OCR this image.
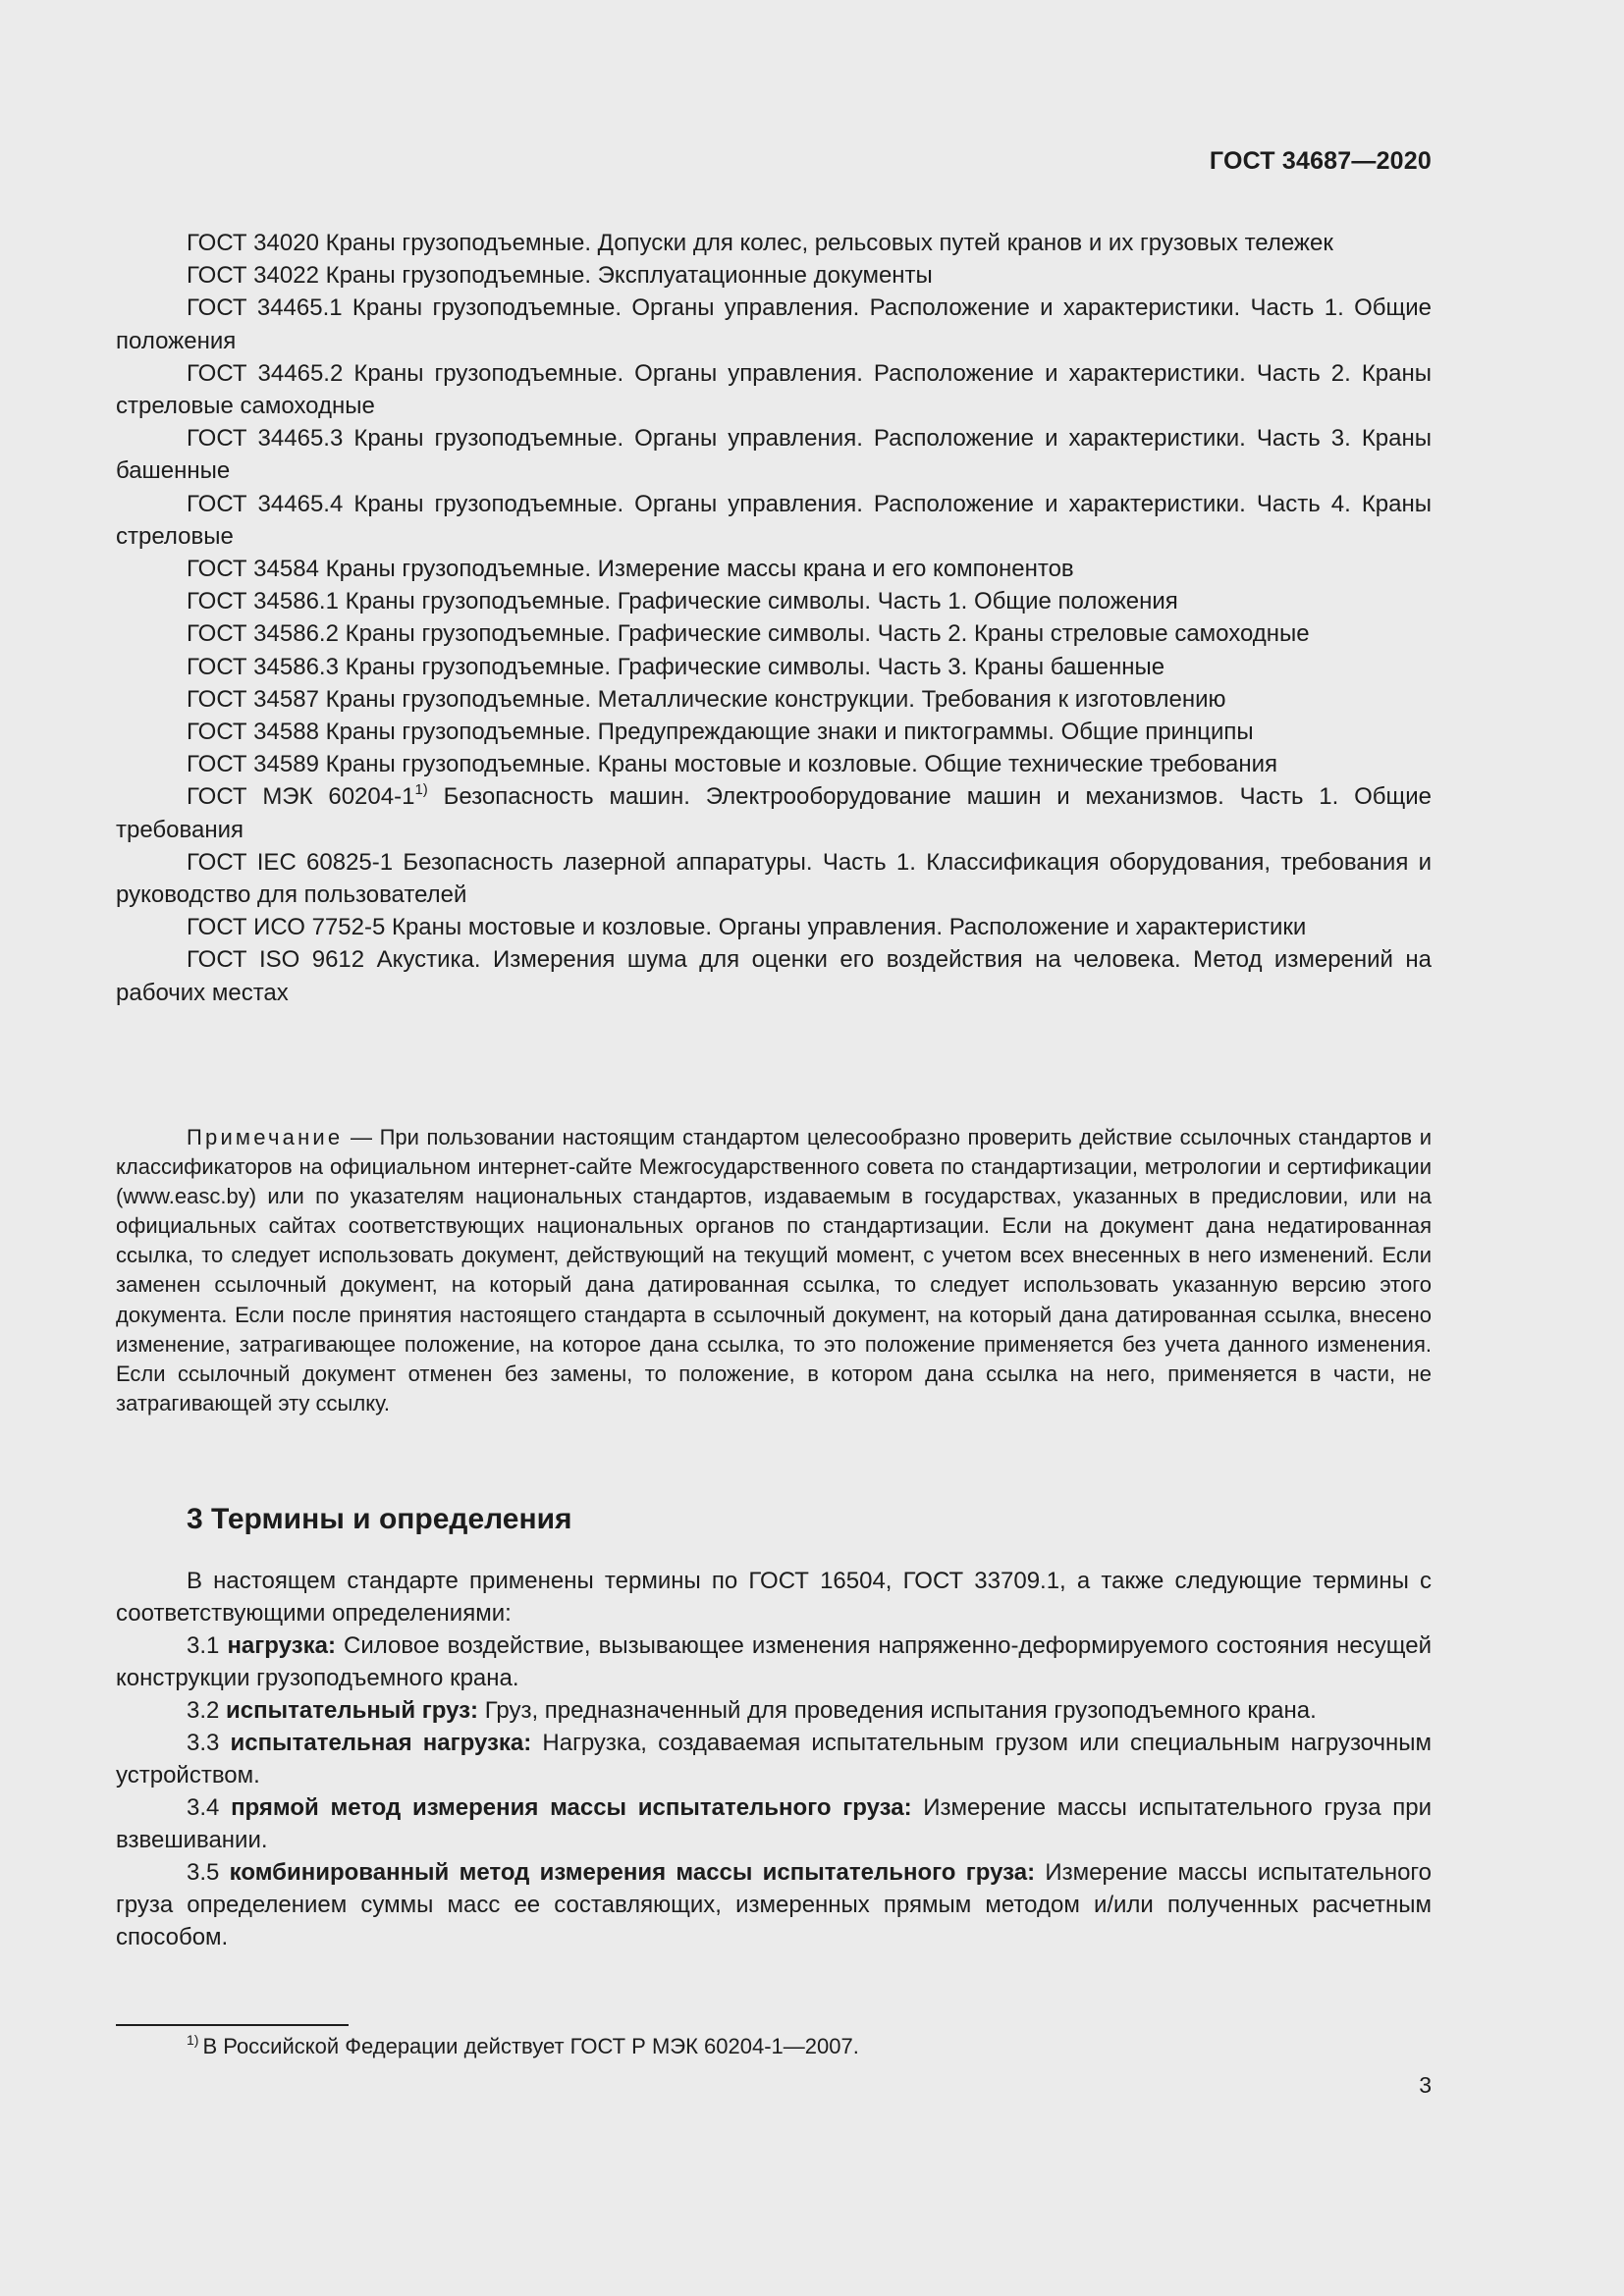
ГОСТ 34687—2020

ГОСТ 34020 Краны грузоподъемные. Допуски для колес, рельсовых путей кранов и их грузовых тележек

ГОСТ 34022 Краны грузоподъемные. Эксплуатационные документы

ГОСТ 34465.1 Краны грузоподъемные. Органы управления. Расположение и характеристики. Часть 1. Общие положения

ГОСТ 34465.2 Краны грузоподъемные. Органы управления. Расположение и характеристики. Часть 2. Краны стреловые самоходные

ГОСТ 34465.3 Краны грузоподъемные. Органы управления. Расположение и характеристики. Часть 3. Краны башенные

ГОСТ 34465.4 Краны грузоподъемные. Органы управления. Расположение и характеристики. Часть 4. Краны стреловые

ГОСТ 34584 Краны грузоподъемные. Измерение массы крана и его компонентов

ГОСТ 34586.1 Краны грузоподъемные. Графические символы. Часть 1. Общие положения

ГОСТ 34586.2 Краны грузоподъемные. Графические символы. Часть 2. Краны стреловые самоходные

ГОСТ 34586.3 Краны грузоподъемные. Графические символы. Часть 3. Краны башенные

ГОСТ 34587 Краны грузоподъемные. Металлические конструкции. Требования к изготовлению

ГОСТ 34588 Краны грузоподъемные. Предупреждающие знаки и пиктограммы. Общие принципы

ГОСТ 34589 Краны грузоподъемные. Краны мостовые и козловые. Общие технические требования

ГОСТ МЭК 60204-1$^{1)}$ Безопасность машин. Электрооборудование машин и механизмов. Часть 1. Общие требования

ГОСТ IEC 60825-1 Безопасность лазерной аппаратуры. Часть 1. Классификация оборудования, требования и руководство для пользователей

ГОСТ ИСО 7752-5 Краны мостовые и козловые. Органы управления. Расположение и характеристики

ГОСТ ISO 9612 Акустика. Измерения шума для оценки его воздействия на человека. Метод измерений на рабочих местах

Примечание — При пользовании настоящим стандартом целесообразно проверить действие ссылочных стандартов и классификаторов на официальном интернет-сайте Межгосударственного совета по стандартизации, метрологии и сертификации (www.easc.by) или по указателям национальных стандартов, издаваемым в государствах, указанных в предисловии, или на официальных сайтах соответствующих национальных органов по стандартизации. Если на документ дана недатированная ссылка, то следует использовать документ, действующий на текущий момент, с учетом всех внесенных в него изменений. Если заменен ссылочный документ, на который дана датированная ссылка, то следует использовать указанную версию этого документа. Если после принятия настоящего стандарта в ссылочный документ, на который дана датированная ссылка, внесено изменение, затрагивающее положение, на которое дана ссылка, то это положение применяется без учета данного изменения. Если ссылочный документ отменен без замены, то положение, в котором дана ссылка на него, применяется в части, не затрагивающей эту ссылку.

3 Термины и определения

В настоящем стандарте применены термины по ГОСТ 16504, ГОСТ 33709.1, а также следующие термины с соответствующими определениями:

3.1 нагрузка: Силовое воздействие, вызывающее изменения напряженно-деформируемого состояния несущей конструкции грузоподъемного крана.

3.2 испытательный груз: Груз, предназначенный для проведения испытания грузоподъемного крана.

3.3 испытательная нагрузка: Нагрузка, создаваемая испытательным грузом или специальным нагрузочным устройством.

3.4 прямой метод измерения массы испытательного груза: Измерение массы испытательного груза при взвешивании.

3.5 комбинированный метод измерения массы испытательного груза: Измерение массы испытательного груза определением суммы масс ее составляющих, измеренных прямым методом и/или полученных расчетным способом.

$^{1)}$ В Российской Федерации действует ГОСТ Р МЭК 60204-1—2007.
3
